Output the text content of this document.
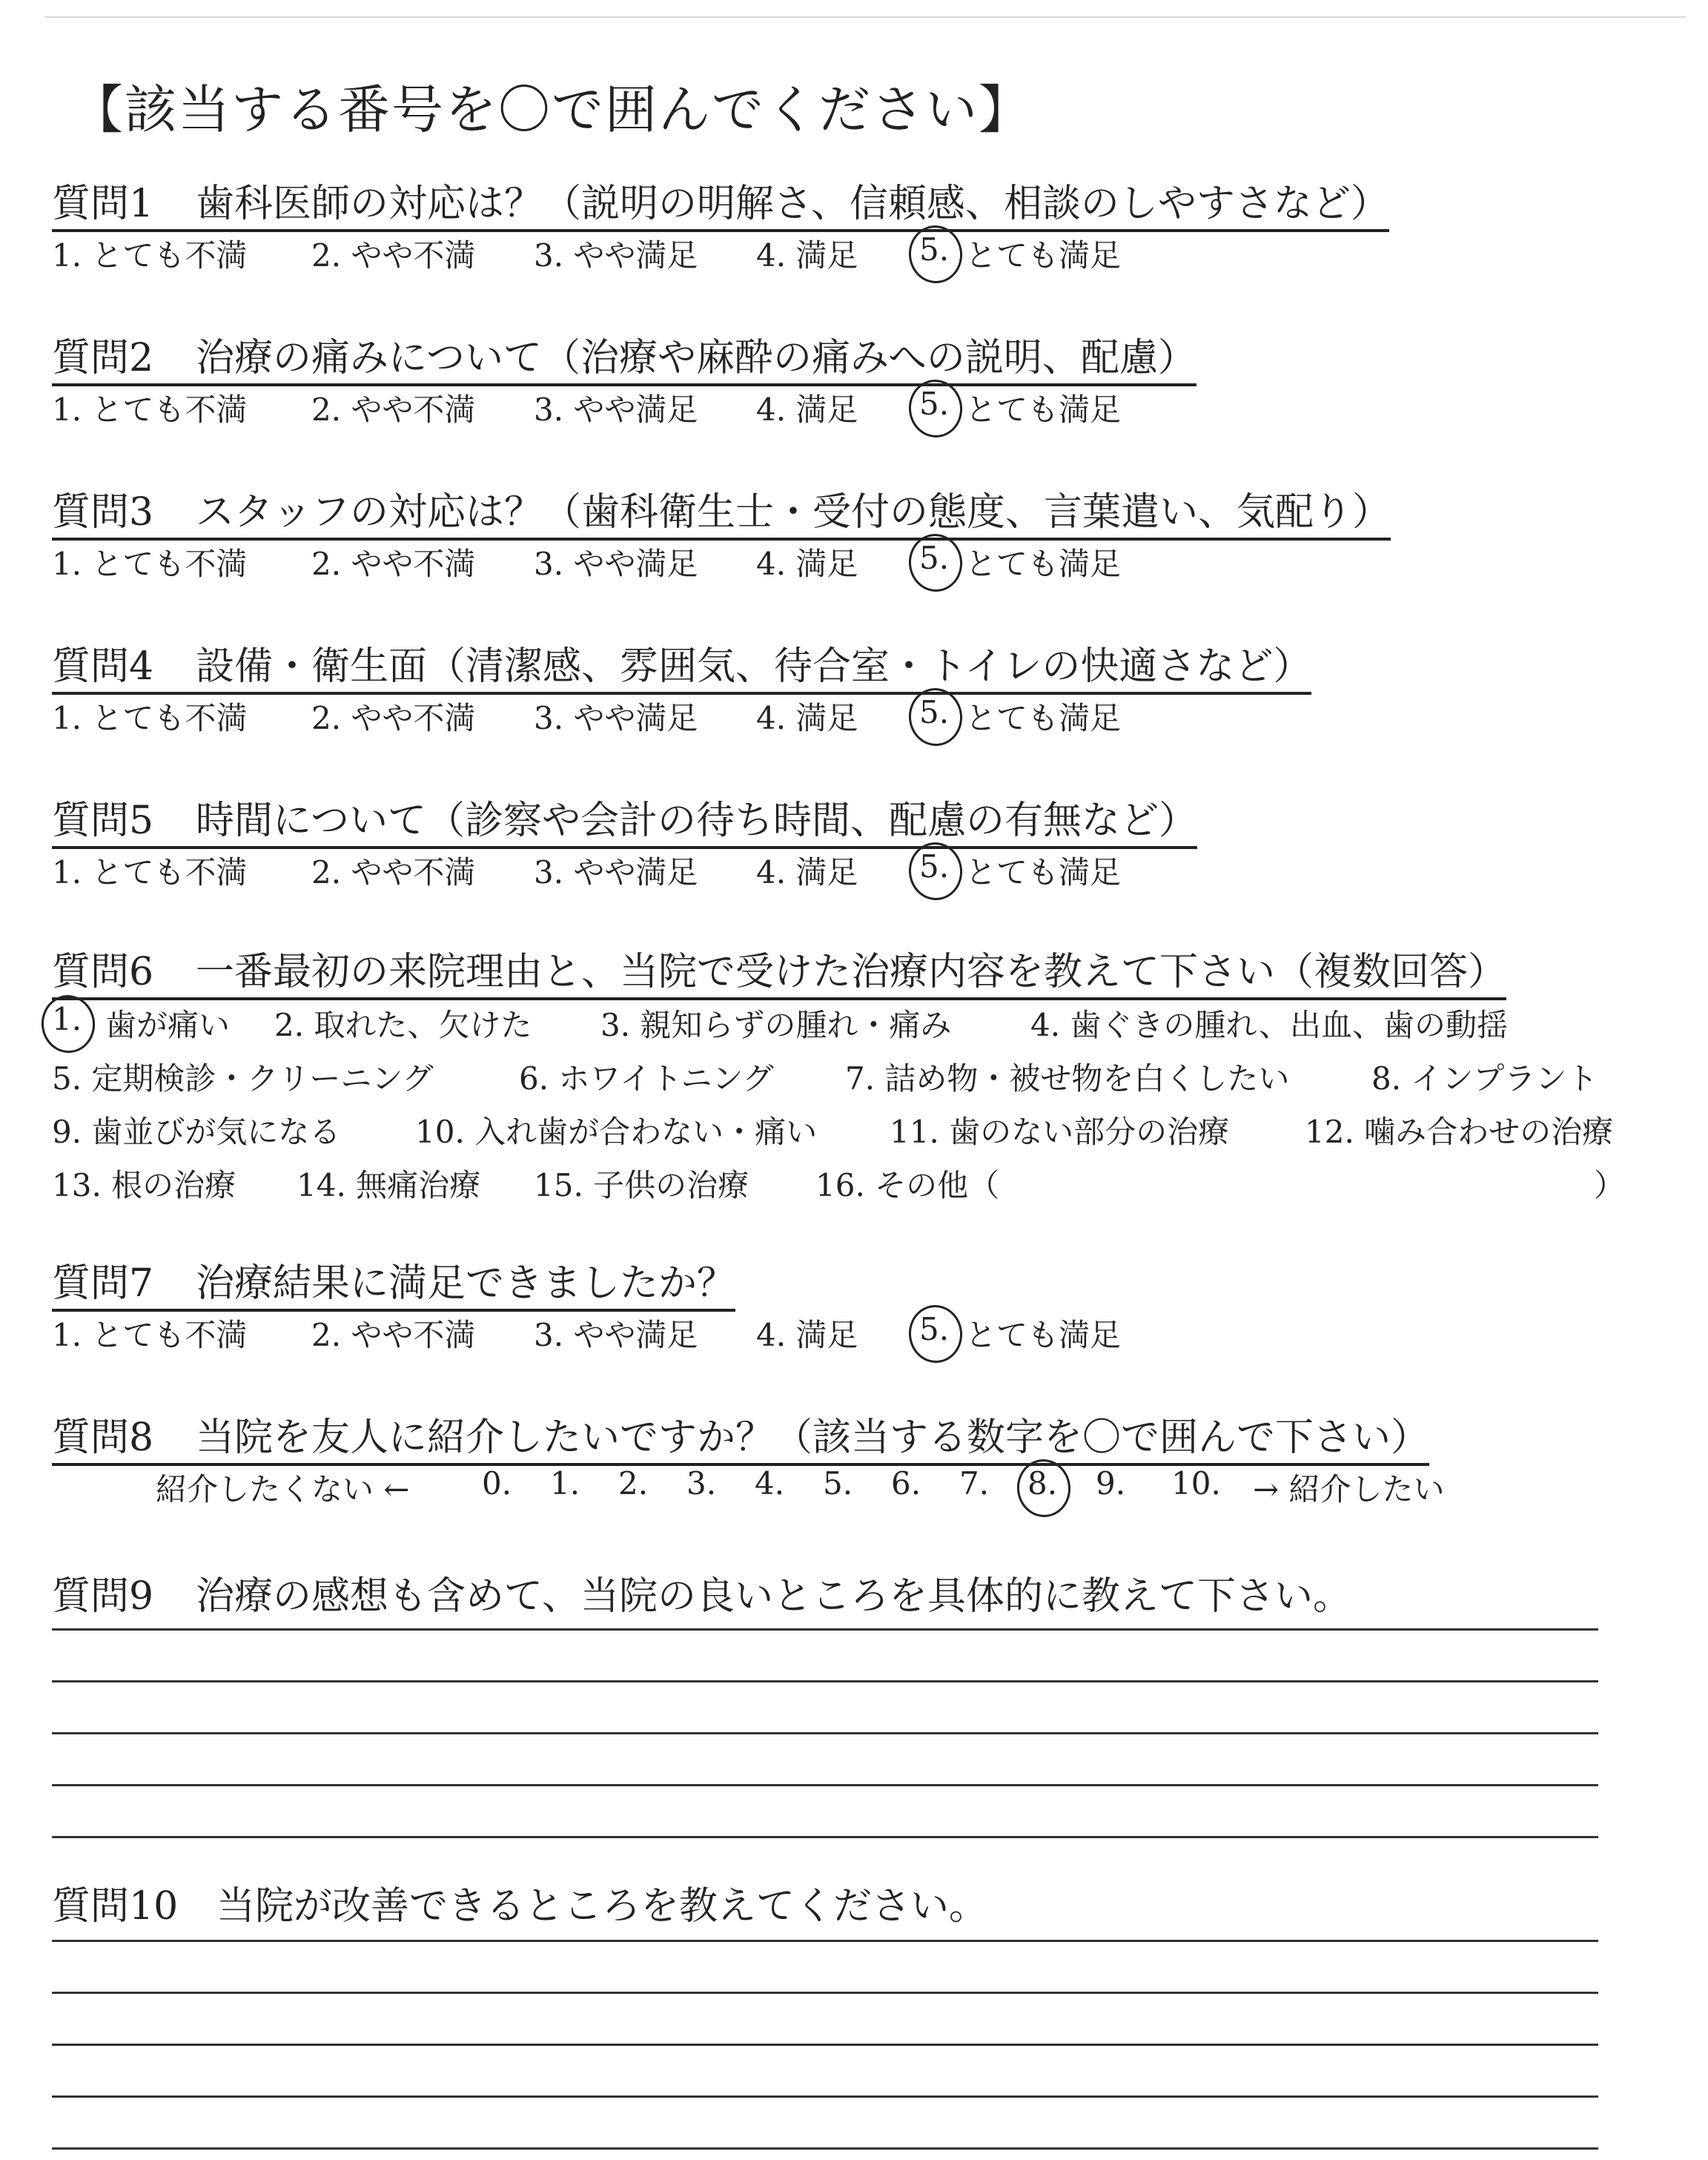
【該当する番号を〇で囲んでください】
質問1 歯科医師の対応は？（説明の明解さ、信頼感、相談のしやすさなど）
1. とても不満 2. やや不満 3. やや満足 4. 満足 5. とても満足
質問2 治療の痛みについて（治療や麻酔の痛みへの説明、配慮）
1. とても不満 2. やや不満 3. やや満足 4. 満足 5. とても満足
質問3 スタッフの対応は？（歯科衛生士・受付の態度、言葉遣い、気配り）
1. とても不満 2. やや不満 3. やや満足 4. 満足 5. とても満足
質問4 設備・衛生面（清潔感、雰囲気、待合室・トイレの快適さなど）
1. とても不満 2. やや不満 3. やや満足 4. 満足 5. とても満足
質問5 時間について（診察や会計の待ち時間、配慮の有無など）
1. とても不満 2. やや不満 3. やや満足 4. 満足 5. とても満足
質問6 一番最初の来院理由と、当院で受けた治療内容を教えて下さい（複数回答）
1. 歯が痛い 2. 取れた、欠けた 3. 親知らずの腫れ・痛み	4. 歯ぐきの腫れ、出血、歯の動揺
5. 定期検診・クリーニング	6. ホワイトニング 7. 詰め物・被せ物を白くしたい	8. インプラント
9. 歯並びが気になる 10. 入れ歯が合わない・痛い 11. 歯のない部分の治療 12. 噛み合わせの治療
13. 根の治療 14. 無痛治療 15. 子供の治療 16. その他（	）
質問7 治療結果に満足できましたか？
1. とても不満 2. やや不満 3. やや満足 4. 満足 5. とても満足
質問8 当院を友人に紹介したいですか？（該当する数字を〇で囲んで下さい）
紹介したくない ← 0. 1. 2. 3. 4. 5. 6. 7. 8. 9. 10. → 紹介したい
質問9 治療の感想も含めて、当院の良いところを具体的に教えて下さい。
質問10 当院が改善できるところを教えてください。
